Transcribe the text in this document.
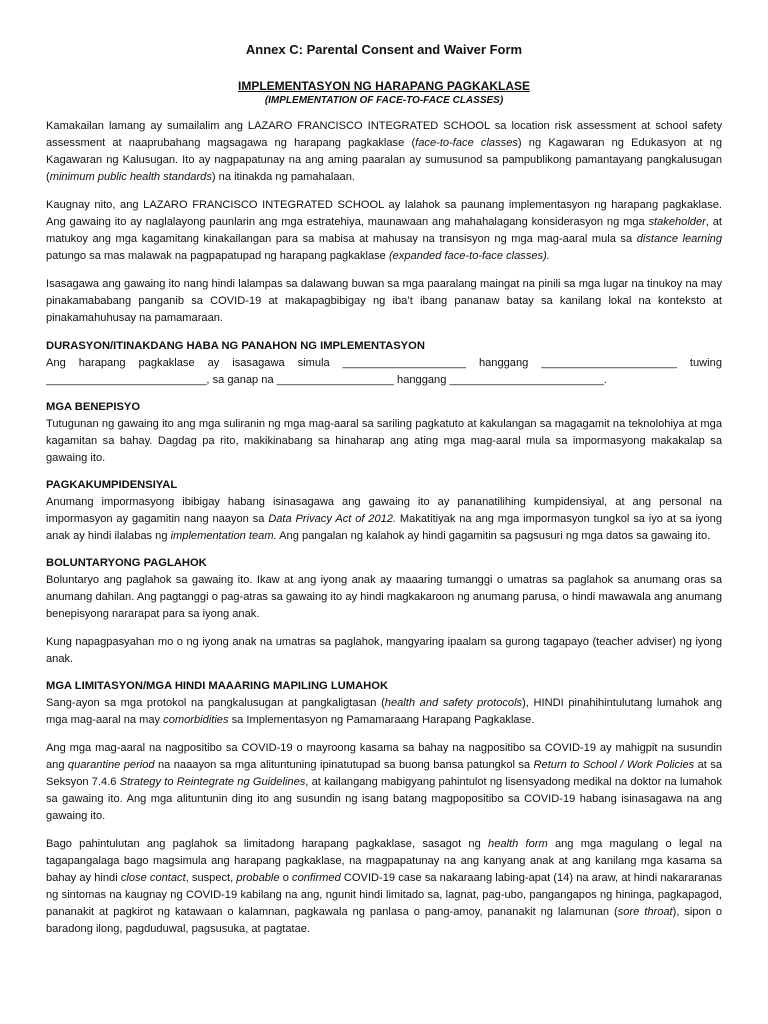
Annex C: Parental Consent and Waiver Form
IMPLEMENTASYON NG HARAPANG PAGKAKLASE
(IMPLEMENTATION OF FACE-TO-FACE CLASSES)

Kamakailan lamang ay sumailalim ang LAZARO FRANCISCO INTEGRATED SCHOOL sa location risk assessment at school safety assessment at naaprubahang magsagawa ng harapang pagkaklase (face-to-face classes) ng Kagawaran ng Edukasyon at ng Kagawaran ng Kalusugan. Ito ay nagpapatunay na ang aming paaralan ay sumusunod sa pampublikong pamantayang pangkalusugan (minimum public health standards) na itinakda ng pamahalaan.

Kaugnay nito, ang LAZARO FRANCISCO INTEGRATED SCHOOL ay lalahok sa paunang implementasyon ng harapang pagkaklase. Ang gawaing ito ay naglalayong paunlarin ang mga estratehiya, maunawaan ang mahahalagang konsiderasyon ng mga stakeholder, at matukoy ang mga kagamitang kinakailangan para sa mabisa at mahusay na transisyon ng mga mag-aaral mula sa distance learning patungo sa mas malawak na pagpapatupad ng harapang pagkaklase (expanded face-to-face classes).

Isasagawa ang gawaing ito nang hindi lalampas sa dalawang buwan sa mga paaralang maingat na pinili sa mga lugar na tinukoy na may pinakamababang panganib sa COVID-19 at makapagbibigay ng iba’t ibang pananaw batay sa kanilang lokal na konteksto at pinakamahuhusay na pamamaraan.

DURASYON/ITINAKDANG HABA NG PANAHON NG IMPLEMENTASYON
Ang harapang pagkaklase ay isasagawa simula ____________________ hanggang ______________________ tuwing
__________________________, sa ganap na ___________________ hanggang _________________________.
MGA BENEPISYO

Tutugunan ng gawaing ito ang mga suliranin ng mga mag-aaral sa sariling pagkatuto at kakulangan sa magagamit na teknolohiya at mga kagamitan sa bahay. Dagdag pa rito, makikinabang sa hinaharap ang ating mga mag-aaral mula sa impormasyong makakalap sa gawaing ito.

PAGKAKUMPIDENSIYAL

Anumang impormasyong ibibigay habang isinasagawa ang gawaing ito ay pananatilihing kumpidensiyal, at ang personal na impormasyon ay gagamitin nang naayon sa Data Privacy Act of 2012. Makatitiyak na ang mga impormasyon tungkol sa iyo at sa iyong anak ay hindi ilalabas ng implementation team. Ang pangalan ng kalahok ay hindi gagamitin sa pagsusuri ng mga datos sa gawaing ito.

BOLUNTARYONG PAGLAHOK

Boluntaryo ang paglahok sa gawaing ito. Ikaw at ang iyong anak ay maaaring tumanggi o umatras sa paglahok sa anumang oras sa anumang dahilan. Ang pagtanggi o pag-atras sa gawaing ito ay hindi magkakaroon ng anumang parusa, o hindi mawawala ang anumang benepisyong nararapat para sa iyong anak.

Kung napagpasyahan mo o ng iyong anak na umatras sa paglahok, mangyaring ipaalam sa gurong tagapayo (teacher adviser) ng iyong anak.

MGA LIMITASYON/MGA HINDI MAAARING MAPILING LUMAHOK

Sang-ayon sa mga protokol na pangkalusugan at pangkaligtasan (health and safety protocols), HINDI pinahihintulutang lumahok ang mga mag-aaral na may comorbidities sa Implementasyon ng Pamamaraang Harapang Pagkaklase.

Ang mga mag-aaral na nagpositibo sa COVID-19 o mayroong kasama sa bahay na nagpositibo sa COVID-19 ay mahigpit na susundin ang quarantine period na naaayon sa mga alituntuning ipinatutupad sa buong bansa patungkol sa Return to School / Work Policies at sa Seksyon 7.4.6 Strategy to Reintegrate ng Guidelines, at kailangang mabigyang pahintulot ng lisensyadong medikal na doktor na lumahok sa gawaing ito. Ang mga alituntunin ding ito ang susundin ng isang batang magpopositibo sa COVID-19 habang isinasagawa na ang gawaing ito.

Bago pahintulutan ang paglahok sa limitadong harapang pagkaklase, sasagot ng health form ang mga magulang o legal na tagapangalaga bago magsimula ang harapang pagkaklase, na magpapatunay na ang kanyang anak at ang kanilang mga kasama sa bahay ay hindi close contact, suspect, probable o confirmed COVID-19 case sa nakaraang labing-apat (14) na araw, at hindi nakararanas ng sintomas na kaugnay ng COVID-19 kabilang na ang, ngunit hindi limitado sa, lagnat, pag-ubo, pangangapos ng hininga, pagkapagod, pananakit at pagkirot ng katawaan o kalamnan, pagkawala ng panlasa o pang-amoy, pananakit ng lalamunan (sore throat), sipon o baradong ilong, pagduduwal, pagsusuka, at pagtatae.
